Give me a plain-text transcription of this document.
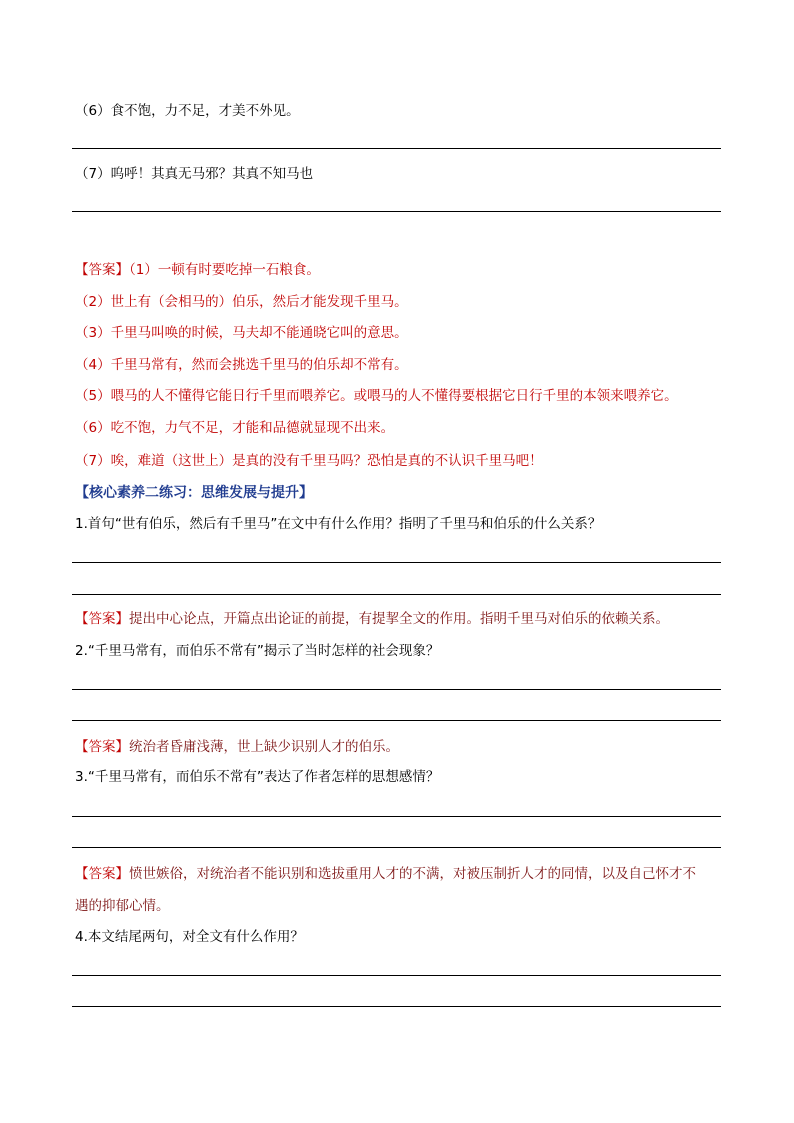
（6）食不饱，力不足，才美不外见。
（7）呜呼！其真无马邪？其真不知马也
【答案】（1）一顿有时要吃掉一石粮食。
（2）世上有（会相马的）伯乐，然后才能发现千里马。
（3）千里马叫唤的时候，马夫却不能通晓它叫的意思。
（4）千里马常有，然而会挑选千里马的伯乐却不常有。
（5）喂马的人不懂得它能日行千里而喂养它。或喂马的人不懂得要根据它日行千里的本领来喂养它。
（6）吃不饱，力气不足，才能和品德就显现不出来。
（7）唉，难道（这世上）是真的没有千里马吗？恐怕是真的不认识千里马吧！
【核心素养二练习：思维发展与提升】
1.首句“世有伯乐，然后有千里马”在文中有什么作用？指明了千里马和伯乐的什么关系？
【答案】提出中心论点，开篇点出论证的前提，有提挈全文的作用。指明千里马对伯乐的依赖关系。
2.“千里马常有，而伯乐不常有”揭示了当时怎样的社会现象？
【答案】统治者昏庸浅薄，世上缺少识别人才的伯乐。
3.“千里马常有，而伯乐不常有”表达了作者怎样的思想感情？
【答案】愤世嫉俗，对统治者不能识别和选拔重用人才的不满，对被压制折人才的同情，以及自己怀才不
遇的抑郁心情。
4.本文结尾两句，对全文有什么作用？
